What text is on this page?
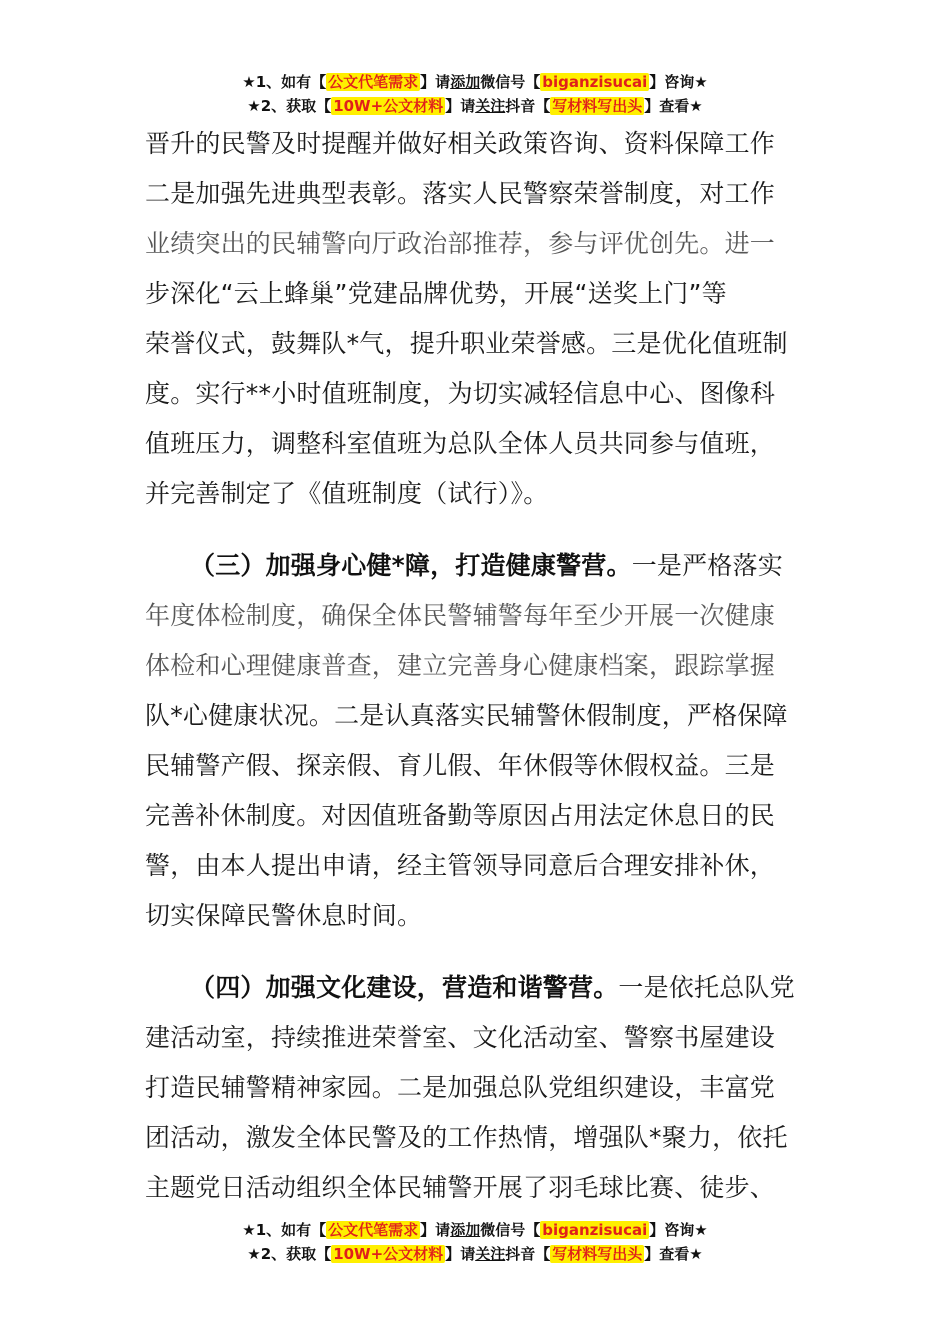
★1、如有【 公文代笔需求 】请添加微信号【 biganzisucai 】咨询★
★2、获取【 10W+公文材料 】请关注抖音【 写材料写出头 】查看★
晋升的民警及时提醒并做好相关政策咨询、资料保障工作
二是加强先进典型表彰。落实人民警察荣誉制度，对工作
业绩突出的民辅警向厅政治部推荐，参与评优创先。进一
步深化“云上蜂巢”党建品牌优势，开展“送奖上门”等
荣誉仪式，鼓舞队*气，提升职业荣誉感。三是优化值班制
度。实行**小时值班制度，为切实减轻信息中心、图像科
值班压力，调整科室值班为总队全体人员共同参与值班，
并完善制定了《值班制度（试行）》。
（三）加强身心健*障，打造健康警营。一是严格落实
年度体检制度，确保全体民警辅警每年至少开展一次健康
体检和心理健康普查，建立完善身心健康档案，跟踪掌握
队*心健康状况。二是认真落实民辅警休假制度，严格保障
民辅警产假、探亲假、育儿假、年休假等休假权益。三是
完善补休制度。对因值班备勤等原因占用法定休息日的民
警，由本人提出申请，经主管领导同意后合理安排补休，
切实保障民警休息时间。
（四）加强文化建设，营造和谐警营。一是依托总队党
建活动室，持续推进荣誉室、文化活动室、警察书屋建设
打造民辅警精神家园。二是加强总队党组织建设，丰富党
团活动，激发全体民警及的工作热情，增强队*聚力，依托
主题党日活动组织全体民辅警开展了羽毛球比赛、徒步、
★1、如有【 公文代笔需求 】请添加微信号【 biganzisucai 】咨询★
★2、获取【 10W+公文材料 】请关注抖音【 写材料写出头 】查看★
